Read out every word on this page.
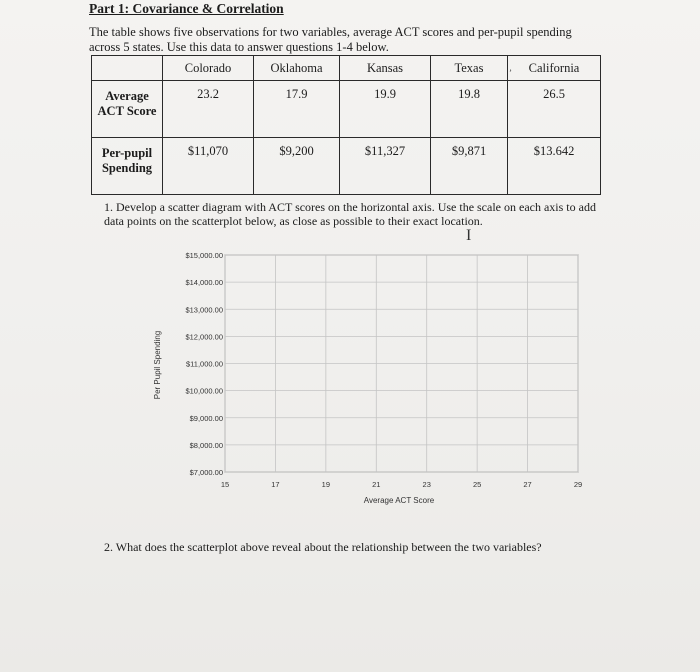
Part 1: Covariance & Correlation
The table shows five observations for two variables, average ACT scores and per-pupil spending across 5 states. Use this data to answer questions 1-4 below.
	Colorado	Oklahoma	Kansas	Texas	California
Average
ACT Score	23.2	17.9	19.9	19.8	26.5
Per-pupil
Spending	$11,070	$9,200	$11,327	$9,871	$13.642
’
1. Develop a scatter diagram with ACT scores on the horizontal axis. Use the scale on each axis to add data points on the scatterplot below, as close as possible to their exact location.
I
$15,000.00
$14,000.00
$13,000.00
$12,000.00
$11,000.00
$10,000.00
$9,000.00
$8,000.00
$7,000.00
15	17	19	21	23	25	27	29
Per Pupil Spending
Average ACT Score
2. What does the scatterplot above reveal about the relationship between the two variables?
